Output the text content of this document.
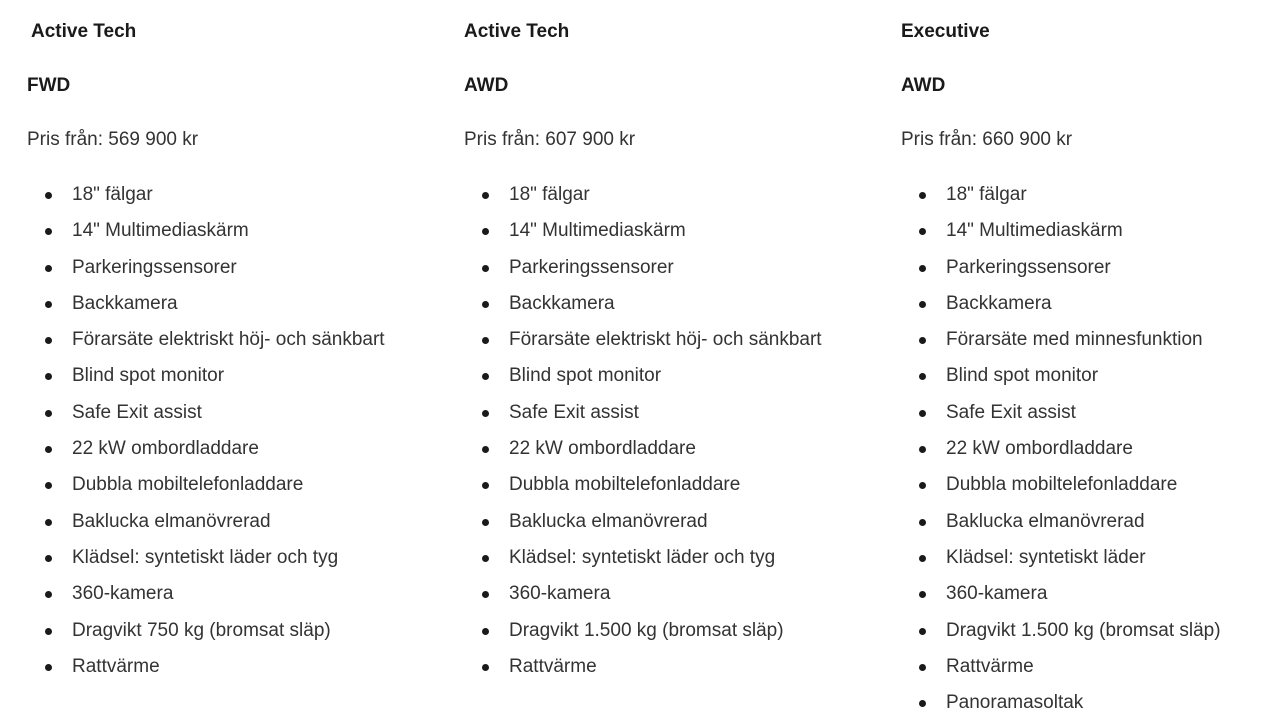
Active Tech
FWD

Pris från: 569 900 kr

18" fälgar
14" Multimediaskärm
Parkeringssensorer
Backkamera
Förarsäte elektriskt höj- och sänkbart
Blind spot monitor
Safe Exit assist
22 kW ombordladdare
Dubbla mobiltelefonladdare
Baklucka elmanövrerad
Klädsel: syntetiskt läder och tyg
360-kamera
Dragvikt 750 kg (bromsat släp)
Rattvärme
Active Tech
AWD

Pris från: 607 900 kr

18" fälgar
14" Multimediaskärm
Parkeringssensorer
Backkamera
Förarsäte elektriskt höj- och sänkbart
Blind spot monitor
Safe Exit assist
22 kW ombordladdare
Dubbla mobiltelefonladdare
Baklucka elmanövrerad
Klädsel: syntetiskt läder och tyg
360-kamera
Dragvikt 1.500 kg (bromsat släp)
Rattvärme
Executive
AWD

Pris från: 660 900 kr

18" fälgar
14" Multimediaskärm
Parkeringssensorer
Backkamera
Förarsäte med minnesfunktion
Blind spot monitor
Safe Exit assist
22 kW ombordladdare
Dubbla mobiltelefonladdare
Baklucka elmanövrerad
Klädsel: syntetiskt läder
360-kamera
Dragvikt 1.500 kg (bromsat släp)
Rattvärme
Panoramasoltak
